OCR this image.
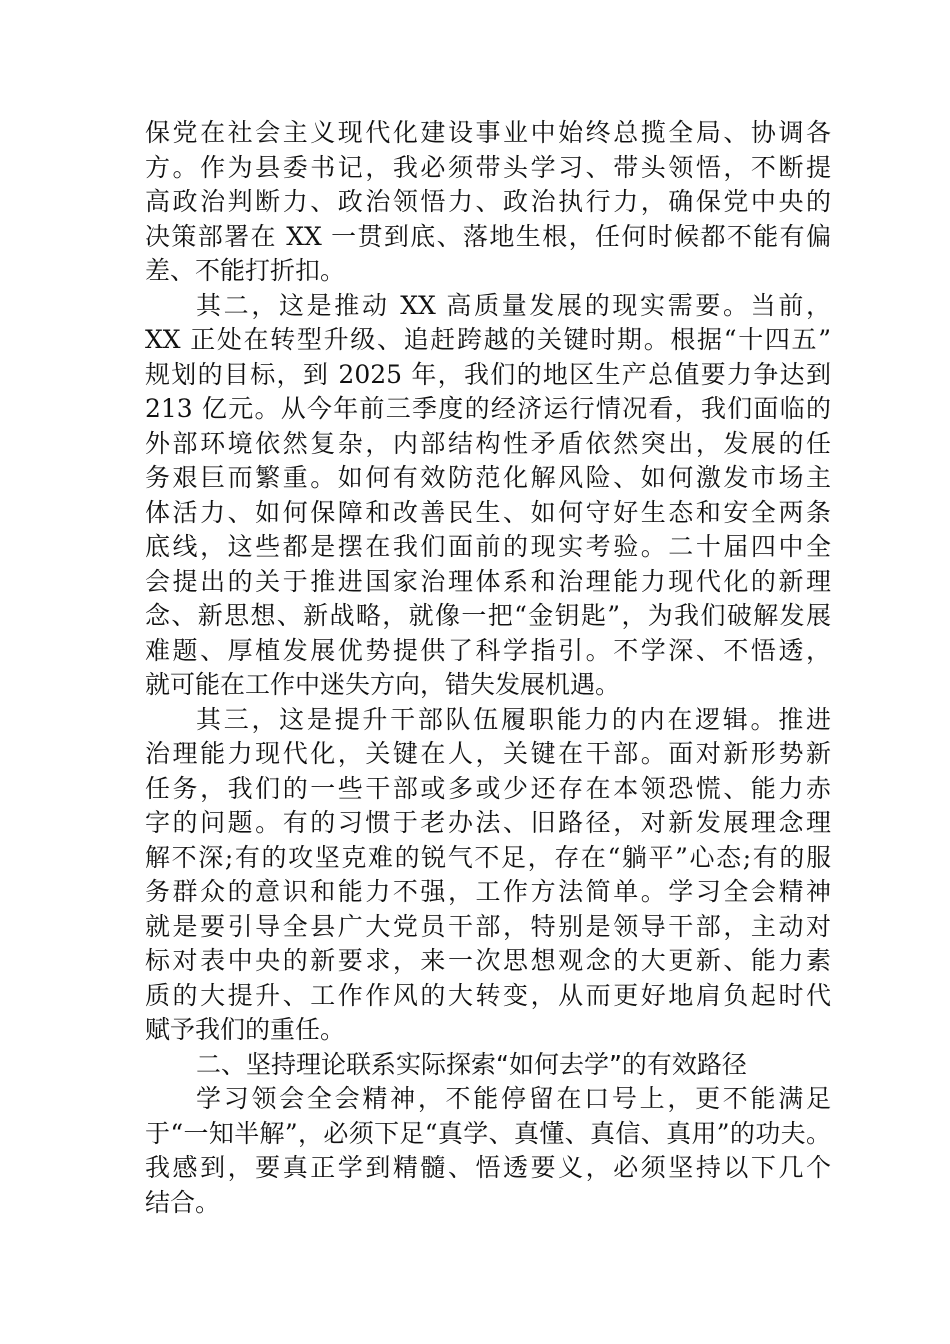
保党在社会主义现代化建设事业中始终总揽全局、协调各
方。作为县委书记，我必须带头学习、带头领悟，不断提
高政治判断力、政治领悟力、政治执行力，确保党中央的
决策部署在 XX 一贯到底、落地生根，任何时候都不能有偏
差、不能打折扣。
其二，这是推动 XX 高质量发展的现实需要。当前，
XX 正处在转型升级、追赶跨越的关键时期。根据“十四五”
规划的目标，到 2025 年，我们的地区生产总值要力争达到
213 亿元。从今年前三季度的经济运行情况看，我们面临的
外部环境依然复杂，内部结构性矛盾依然突出，发展的任
务艰巨而繁重。如何有效防范化解风险、如何激发市场主
体活力、如何保障和改善民生、如何守好生态和安全两条
底线，这些都是摆在我们面前的现实考验。二十届四中全
会提出的关于推进国家治理体系和治理能力现代化的新理
念、新思想、新战略，就像一把“金钥匙”，为我们破解发展
难题、厚植发展优势提供了科学指引。不学深、不悟透，
就可能在工作中迷失方向，错失发展机遇。
其三，这是提升干部队伍履职能力的内在逻辑。推进
治理能力现代化，关键在人，关键在干部。面对新形势新
任务，我们的一些干部或多或少还存在本领恐慌、能力赤
字的问题。有的习惯于老办法、旧路径，对新发展理念理
解不深;有的攻坚克难的锐气不足，存在“躺平”心态;有的服
务群众的意识和能力不强，工作方法简单。学习全会精神
就是要引导全县广大党员干部，特别是领导干部，主动对
标对表中央的新要求，来一次思想观念的大更新、能力素
质的大提升、工作作风的大转变，从而更好地肩负起时代
赋予我们的重任。
二、坚持理论联系实际探索“如何去学”的有效路径
学习领会全会精神，不能停留在口号上，更不能满足
于“一知半解”，必须下足“真学、真懂、真信、真用”的功夫。
我感到，要真正学到精髓、悟透要义，必须坚持以下几个
结合。
